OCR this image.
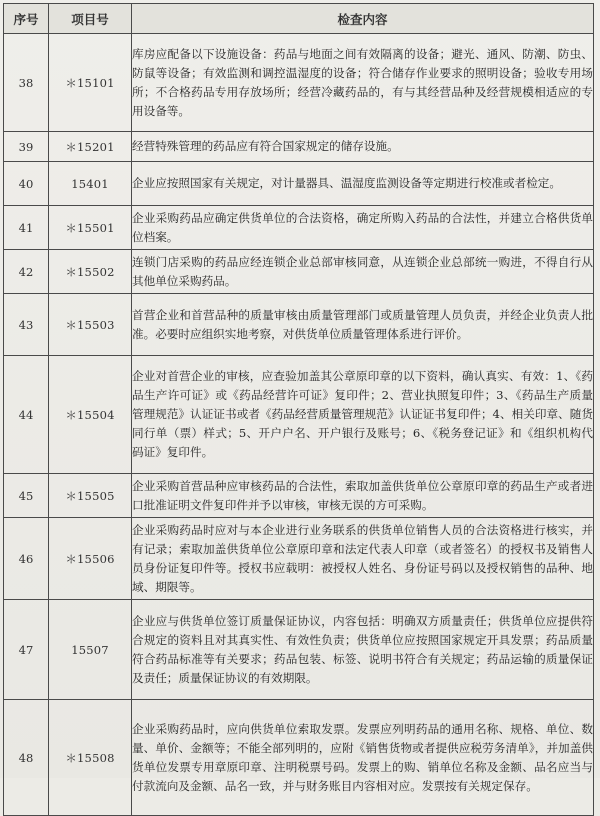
序号	项目号	检查内容
38	＊15101	库房应配备以下设施设备：药品与地面之间有效隔离的设备；避光、通风、防潮、防虫、防鼠等设备；有效监测和调控温湿度的设备；符合储存作业要求的照明设备；验收专用场所；不合格药品专用存放场所；经营冷藏药品的，有与其经营品种及经营规模相适应的专用设备等。
39	＊15201	经营特殊管理的药品应有符合国家规定的储存设施。
40	15401	企业应按照国家有关规定，对计量器具、温湿度监测设备等定期进行校准或者检定。
41	＊15501	企业采购药品应确定供货单位的合法资格，确定所购入药品的合法性，并建立合格供货单位档案。
42	＊15502	连锁门店采购的药品应经连锁企业总部审核同意，从连锁企业总部统一购进，不得自行从其他单位采购药品。
43	＊15503	首营企业和首营品种的质量审核由质量管理部门或质量管理人员负责，并经企业负责人批准。必要时应组织实地考察，对供货单位质量管理体系进行评价。
44	＊15504	企业对首营企业的审核，应查验加盖其公章原印章的以下资料，确认真实、有效：1、《药品生产许可证》或《药品经营许可证》复印件；2、营业执照复印件；3、《药品生产质量管理规范》认证证书或者《药品经营质量管理规范》认证证书复印件；4、相关印章、随货同行单（票）样式；5、开户户名、开户银行及账号；6、《税务登记证》和《组织机构代码证》复印件。
45	＊15505	企业采购首营品种应审核药品的合法性，索取加盖供货单位公章原印章的药品生产或者进口批准证明文件复印件并予以审核，审核无误的方可采购。
46	＊15506	企业采购药品时应对与本企业进行业务联系的供货单位销售人员的合法资格进行核实，并有记录；索取加盖供货单位公章原印章和法定代表人印章（或者签名）的授权书及销售人员身份证复印件等。授权书应载明：被授权人姓名、身份证号码以及授权销售的品种、地域、期限等。
47	15507	企业应与供货单位签订质量保证协议，内容包括：明确双方质量责任；供货单位应提供符合规定的资料且对其真实性、有效性负责；供货单位应按照国家规定开具发票；药品质量符合药品标准等有关要求；药品包装、标签、说明书符合有关规定；药品运输的质量保证及责任；质量保证协议的有效期限。
48	＊15508	企业采购药品时，应向供货单位索取发票。发票应列明药品的通用名称、规格、单位、数量、单价、金额等；不能全部列明的，应附《销售货物或者提供应税劳务清单》，并加盖供货单位发票专用章原印章、注明税票号码。发票上的购、销单位名称及金额、品名应当与付款流向及金额、品名一致，并与财务账目内容相对应。发票按有关规定保存。
